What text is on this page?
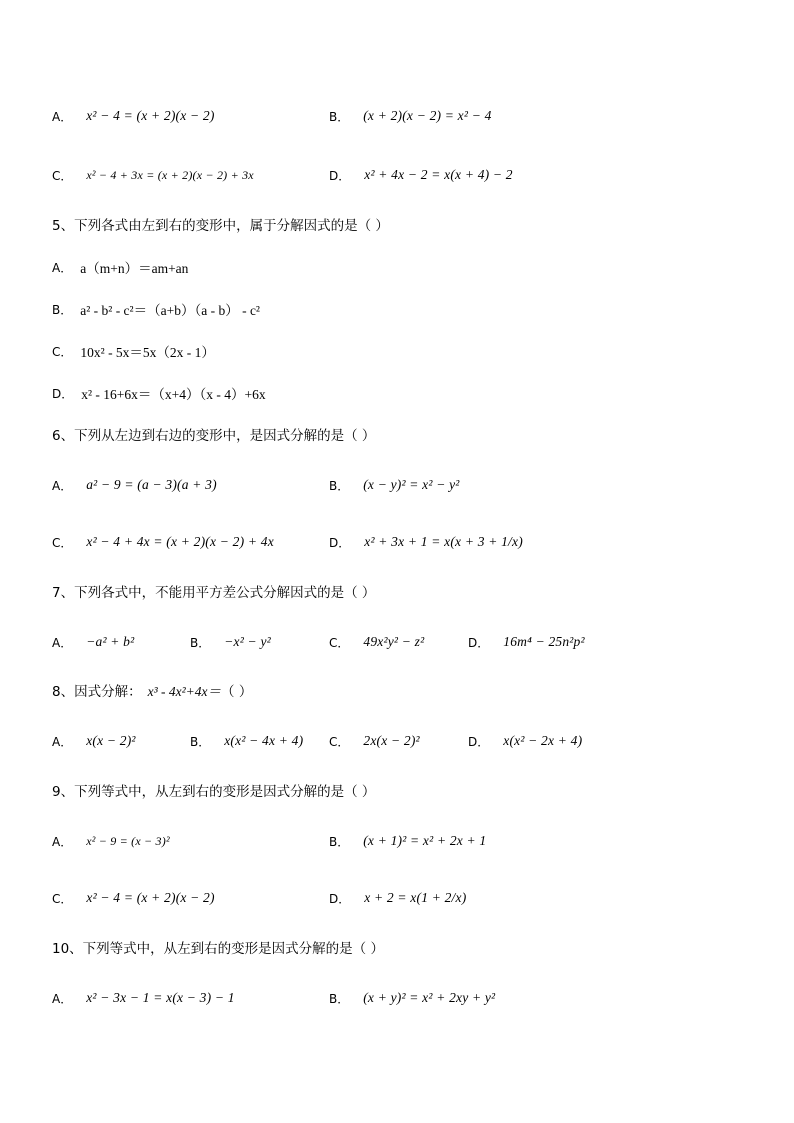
A． x² − 4 = (x + 2)(x − 2)	B． (x + 2)(x − 2) = x² − 4
C． x² − 4 + 3x = (x + 2)(x − 2) + 3x	D． x² + 4x − 2 = x(x + 4) − 2
5、下列各式由左到右的变形中，属于分解因式的是（ ）
A． a（m+n）＝am+an
B． a² - b² - c²＝（a+b）（a - b） - c²
C． 10x² - 5x＝5x（2x - 1）
D． x² - 16+6x＝（x+4）（x - 4）+6x
6、下列从左边到右边的变形中，是因式分解的是（ ）
A． a² − 9 = (a − 3)(a + 3)	B． (x − y)² = x² − y²
C． x² − 4 + 4x = (x + 2)(x − 2) + 4x	D． x² + 3x + 1 = x(x + 3 + 1/x)
7、下列各式中，不能用平方差公式分解因式的是（ ）
A． −a² + b²	B． −x² − y²	C． 49x²y² − z²	D． 16m⁴ − 25n²p²
8、因式分解： x³ - 4x²+4x＝ （ ）
A． x(x − 2)²	B． x(x² − 4x + 4) C． 2x(x − 2)²	D． x(x² − 2x + 4)
9、下列等式中，从左到右的变形是因式分解的是（ ）
A． x² − 9 = (x − 3)²	B． (x + 1)² = x² + 2x + 1
C． x² − 4 = (x + 2)(x − 2)	D． x + 2 = x(1 + 2/x)
10、下列等式中，从左到右的变形是因式分解的是（ ）
A． x² − 3x − 1 = x(x − 3) − 1	B． (x + y)² = x² + 2xy + y²
